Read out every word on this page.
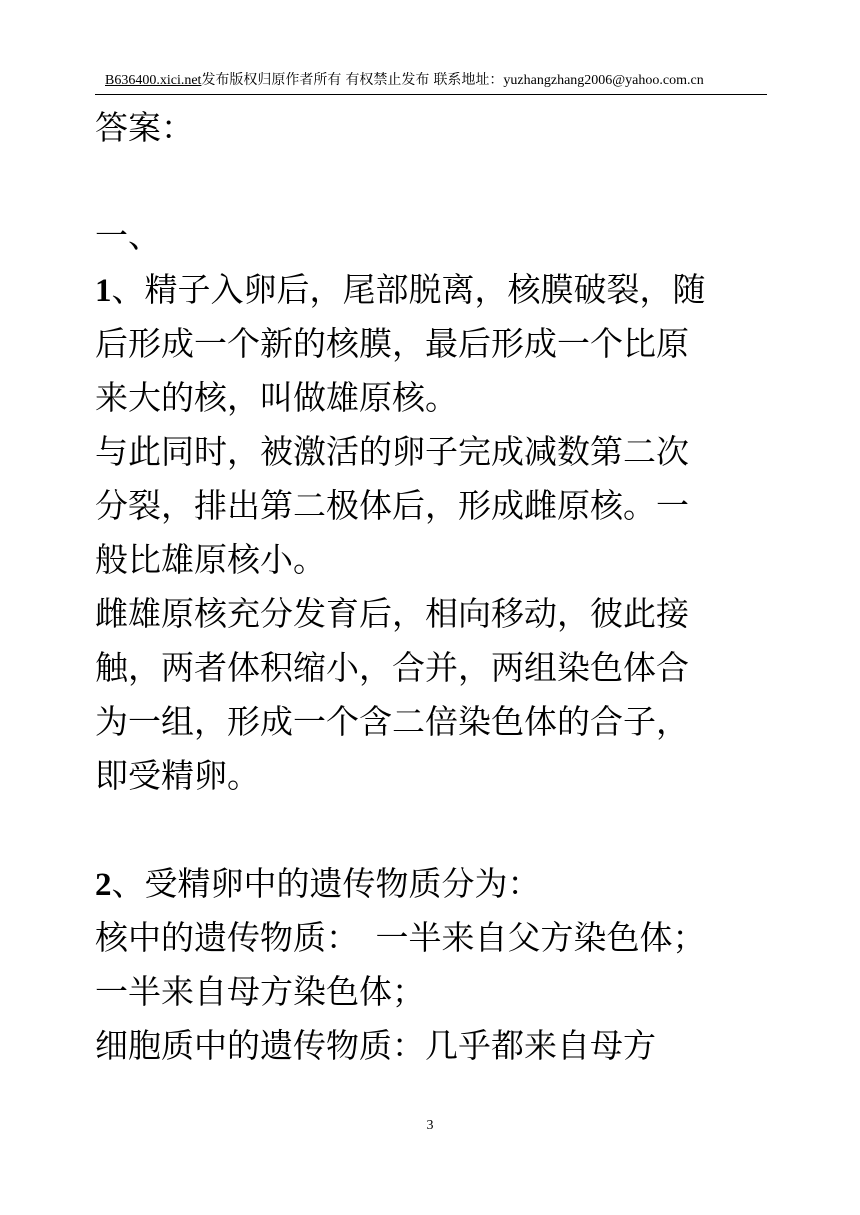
B636400.xici.net发布版权归原作者所有 有权禁止发布 联系地址：yuzhangzhang2006@yahoo.com.cn
答案：
一、
1、精子入卵后，尾部脱离，核膜破裂，随
后形成一个新的核膜，最后形成一个比原
来大的核，叫做雄原核。
与此同时，被激活的卵子完成减数第二次
分裂，排出第二极体后，形成雌原核。一
般比雄原核小。
雌雄原核充分发育后，相向移动，彼此接
触，两者体积缩小，合并，两组染色体合
为一组，形成一个含二倍染色体的合子，
即受精卵。
2、受精卵中的遗传物质分为：
核中的遗传物质：　一半来自父方染色体；
一半来自母方染色体；
细胞质中的遗传物质：几乎都来自母方
3
